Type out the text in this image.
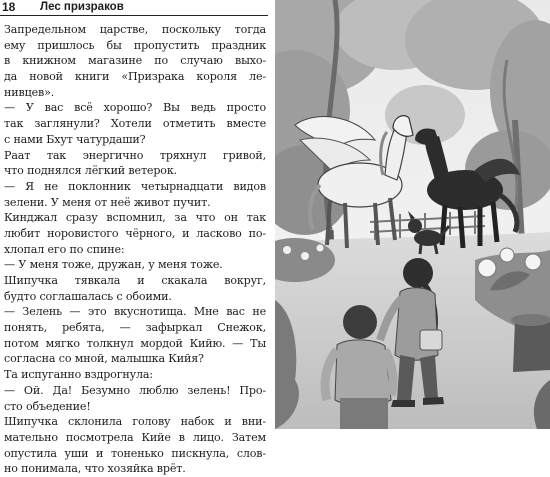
18 Лес призраков
Запредельном царстве, поскольку тогда
ему пришлось бы пропустить праздник
в книжном магазине по случаю выхо-
да новой книги «Призрака короля ле-
нивцев».
— У вас всё хорошо? Вы ведь просто
так заглянули? Хотели отметить вместе
с нами Бхут чатурдаши?
Раат так энергично тряхнул гривой,
что поднялся лёгкий ветерок.
— Я не поклонник четырнадцати видов
зелени. У меня от неё живот пучит.
Кинджал сразу вспомнил, за что он так
любит норовистого чёрного, и ласково по-
хлопал его по спине:
— У меня тоже, дружан, у меня тоже.
Шипучка тявкала и скакала вокруг,
будто соглашалась с обоими.
— Зелень — это вкуснотища. Мне вас не
понять, ребята, — зафыркал Снежок,
потом мягко толкнул мордой Кийю. — Ты
согласна со мной, малышка Кийя?
Та испуганно вздрогнула:
— Ой. Да! Безумно люблю зелень! Про-
сто объедение!
Шипучка склонила голову набок и вни-
мательно посмотрела Кийе в лицо. Затем
опустила уши и тоненько пискнула, слов-
но понимала, что хозяйка врёт.
